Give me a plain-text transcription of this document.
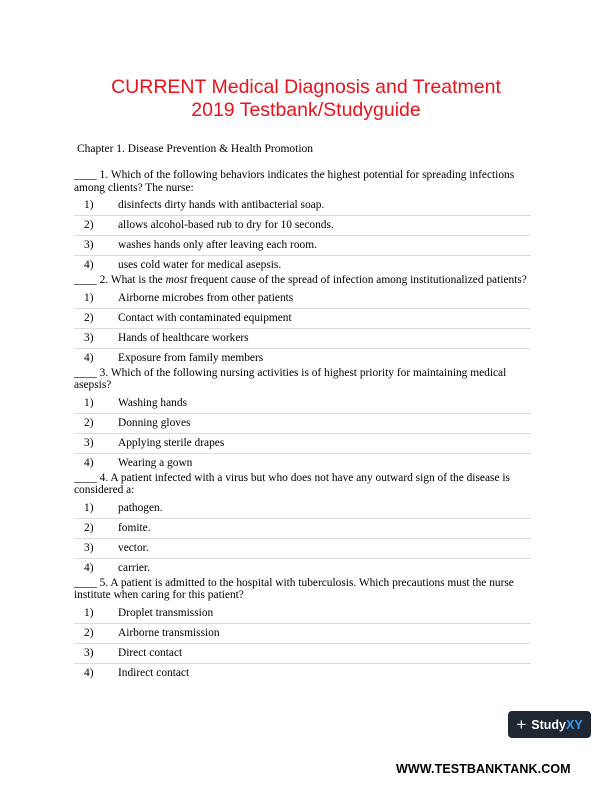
CURRENT Medical Diagnosis and Treatment
2019 Testbank/Studyguide

Chapter 1. Disease Prevention & Health Promotion

____ 1. Which of the following behaviors indicates the highest potential for spreading infections among clients? The nurse:

1)	disinfects dirty hands with antibacterial soap.
2)	allows alcohol-based rub to dry for 10 seconds.
3)	washes hands only after leaving each room.
4)	uses cold water for medical asepsis.

____ 2. What is the most frequent cause of the spread of infection among institutionalized patients?

1)	Airborne microbes from other patients
2)	Contact with contaminated equipment
3)	Hands of healthcare workers
4)	Exposure from family members

____ 3. Which of the following nursing activities is of highest priority for maintaining medical asepsis?

1)	Washing hands
2)	Donning gloves
3)	Applying sterile drapes
4)	Wearing a gown

____ 4. A patient infected with a virus but who does not have any outward sign of the disease is considered a:

1)	pathogen.
2)	fomite.
3)	vector.
4)	carrier.

____ 5. A patient is admitted to the hospital with tuberculosis. Which precautions must the nurse institute when caring for this patient?

1)	Droplet transmission
2)	Airborne transmission
3)	Direct contact
4)	Indirect contact
+ StudyXY
WWW.TESTBANKTANK.COM
